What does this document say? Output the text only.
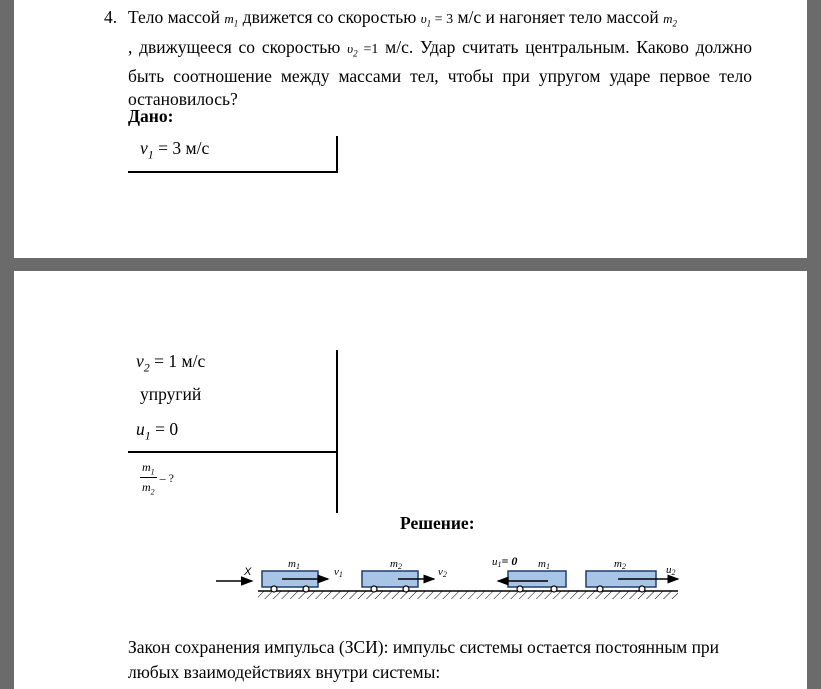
4. Тело массой $m_1$ движется со скоростью $\upsilon_1 = 3$ м/с и нагоняет тело массой $m_2$
, движущееся со скоростью $\upsilon_2 =1$ м/с. Удар считать центральным. Каково должно быть соотношение между массами тел, чтобы при упругом ударе первое тело остановилось?
Дано:
$v_1 = 3$ м/с
$v_2 = 1$ м/с
упругий
$u_1 = 0$
$m_1$
$m_2$
– ?
Решение:
X
m1	v1
m2	v2
u1= 0 m1	m2	u2
Закон сохранения импульса (ЗСИ): импульс системы остается постоянным при любых взаимодействиях внутри системы:
